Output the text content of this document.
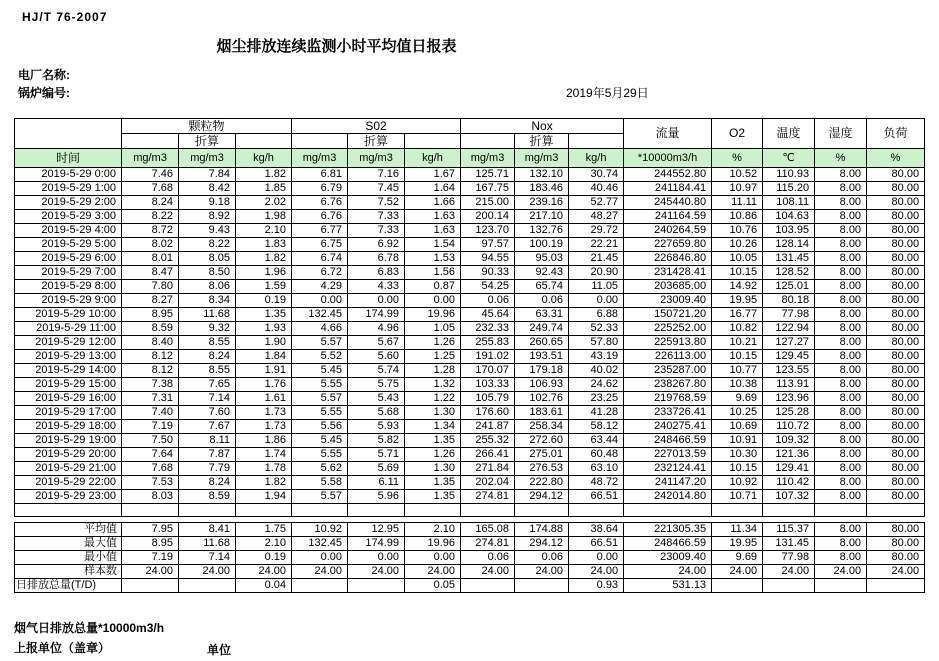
HJ/T 76-2007
烟尘排放连续监测小时平均值日报表
电厂名称:
锅炉编号:	2019年5月29日
	颗粒物			S02			Nox			流量	O2	温度	湿度	负荷
		折算			折算			折算						
时间	mg/m3	mg/m3	kg/h	mg/m3	mg/m3	kg/h	mg/m3	mg/m3	kg/h	*10000m3/h	%	℃	%	%
2019-5-29 0:00	7.46	7.84	1.82	6.81	7.16	1.67	125.71	132.10	30.74	244552.80	10.52	110.93	8.00	80.00
2019-5-29 1:00	7.68	8.42	1.85	6.79	7.45	1.64	167.75	183.46	40.46	241184.41	10.97	115.20	8.00	80.00
2019-5-29 2:00	8.24	9.18	2.02	6.76	7.52	1.66	215.00	239.16	52.77	245440.80	11.11	108.11	8.00	80.00
2019-5-29 3:00	8.22	8.92	1.98	6.76	7.33	1.63	200.14	217.10	48.27	241164.59	10.86	104.63	8.00	80.00
2019-5-29 4:00	8.72	9.43	2.10	6.77	7.33	1.63	123.70	132.76	29.72	240264.59	10.76	103.95	8.00	80.00
2019-5-29 5:00	8.02	8.22	1.83	6.75	6.92	1.54	97.57	100.19	22.21	227659.80	10.26	128.14	8.00	80.00
2019-5-29 6:00	8.01	8.05	1.82	6.74	6.78	1.53	94.55	95.03	21.45	226846.80	10.05	131.45	8.00	80.00
2019-5-29 7:00	8.47	8.50	1.96	6.72	6.83	1.56	90.33	92.43	20.90	231428.41	10.15	128.52	8.00	80.00
2019-5-29 8:00	7.80	8.06	1.59	4.29	4.33	0.87	54.25	65.74	11.05	203685.00	14.92	125.01	8.00	80.00
2019-5-29 9:00	8.27	8.34	0.19	0.00	0.00	0.00	0.06	0.06	0.00	23009.40	19.95	80.18	8.00	80.00
2019-5-29 10:00	8.95	11.68	1.35	132.45	174.99	19.96	45.64	63.31	6.88	150721.20	16.77	77.98	8.00	80.00
2019-5-29 11:00	8.59	9.32	1.93	4.66	4.96	1.05	232.33	249.74	52.33	225252.00	10.82	122.94	8.00	80.00
2019-5-29 12:00	8.40	8.55	1.90	5.57	5.67	1.26	255.83	260.65	57.80	225913.80	10.21	127.27	8.00	80.00
2019-5-29 13:00	8.12	8.24	1.84	5.52	5.60	1.25	191.02	193.51	43.19	226113.00	10.15	129.45	8.00	80.00
2019-5-29 14:00	8.12	8.55	1.91	5.45	5.74	1.28	170.07	179.18	40.02	235287.00	10.77	123.55	8.00	80.00
2019-5-29 15:00	7.38	7.65	1.76	5.55	5.75	1.32	103.33	106.93	24.62	238267.80	10.38	113.91	8.00	80.00
2019-5-29 16:00	7.31	7.14	1.61	5.57	5.43	1.22	105.79	102.76	23.25	219768.59	9.69	123.96	8.00	80.00
2019-5-29 17:00	7.40	7.60	1.73	5.55	5.68	1.30	176.60	183.61	41.28	233726.41	10.25	125.28	8.00	80.00
2019-5-29 18:00	7.19	7.67	1.73	5.56	5.93	1.34	241.87	258.34	58.12	240275.41	10.69	110.72	8.00	80.00
2019-5-29 19:00	7.50	8.11	1.86	5.45	5.82	1.35	255.32	272.60	63.44	248466.59	10.91	109.32	8.00	80.00
2019-5-29 20:00	7.64	7.87	1.74	5.55	5.71	1.26	266.41	275.01	60.48	227013.59	10.30	121.36	8.00	80.00
2019-5-29 21:00	7.68	7.79	1.78	5.62	5.69	1.30	271.84	276.53	63.10	232124.41	10.15	129.41	8.00	80.00
2019-5-29 22:00	7.53	8.24	1.82	5.58	6.11	1.35	202.04	222.80	48.72	241147.20	10.92	110.42	8.00	80.00
2019-5-29 23:00	8.03	8.59	1.94	5.57	5.96	1.35	274.81	294.12	66.51	242014.80	10.71	107.32	8.00	80.00

平均值	7.95	8.41	1.75	10.92	12.95	2.10	165.08	174.88	38.64	221305.35	11.34	115.37	8.00	80.00
最大值	8.95	11.68	2.10	132.45	174.99	19.96	274.81	294.12	66.51	248466.59	19.95	131.45	8.00	80.00
最小值	7.19	7.14	0.19	0.00	0.00	0.00	0.06	0.06	0.00	23009.40	9.69	77.98	8.00	80.00
样本数	24.00	24.00	24.00	24.00	24.00	24.00	24.00	24.00	24.00	24.00	24.00	24.00	24.00	24.00
日排放总量(T/D)			0.04			0.05			0.93	531.13				
烟气日排放总量*10000m3/h
上报单位（盖章）	单位
